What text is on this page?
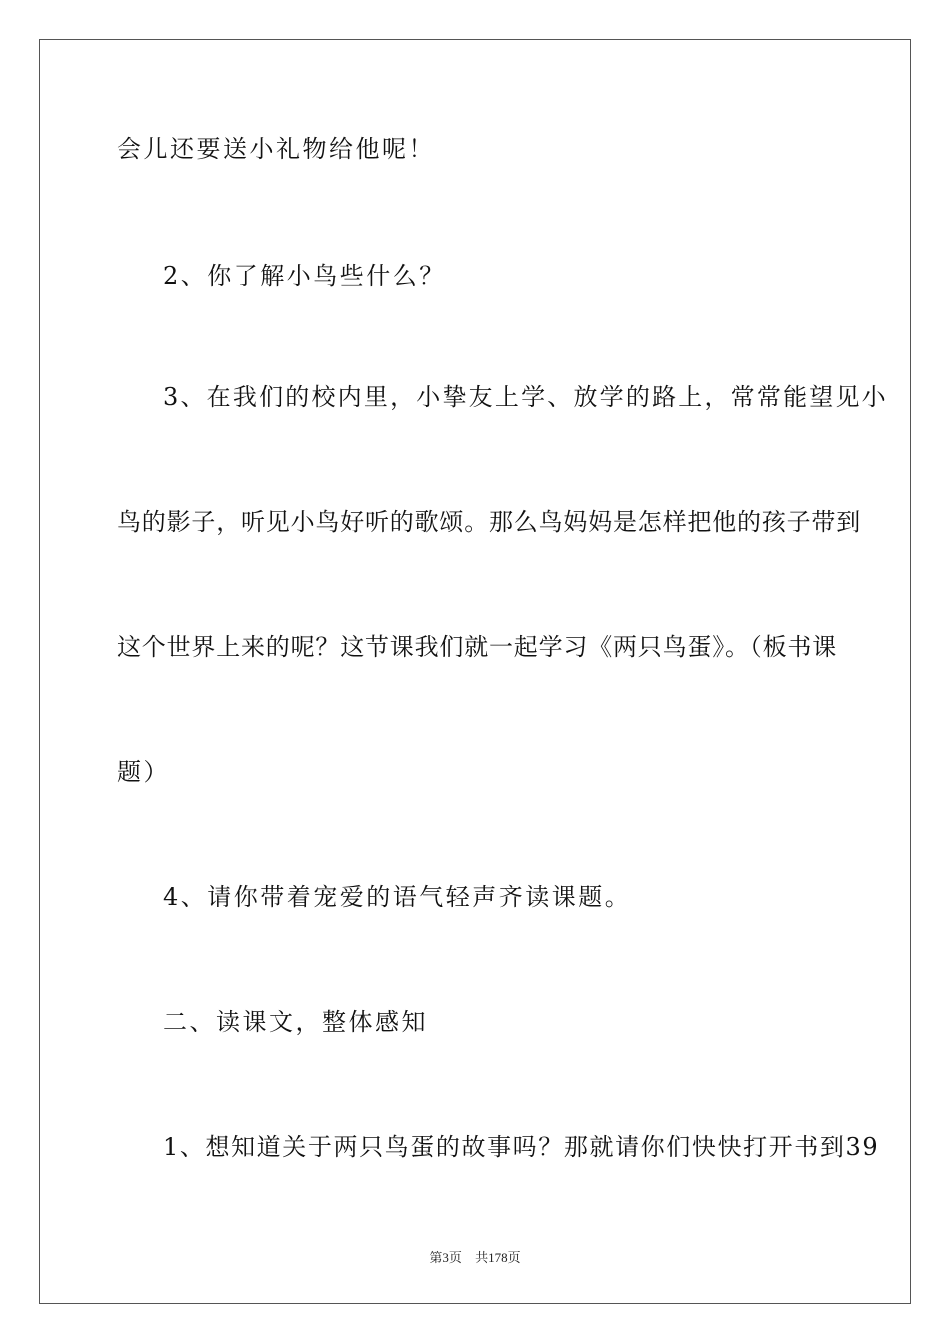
会儿还要送小礼物给他呢！
2、你了解小鸟些什么？
3、在我们的校内里，小挚友上学、放学的路上，常常能望见小
鸟的影子，听见小鸟好听的歌颂。那么鸟妈妈是怎样把他的孩子带到
这个世界上来的呢？这节课我们就一起学习《两只鸟蛋》。（板书课
题）
4、请你带着宠爱的语气轻声齐读课题。
二、读课文，整体感知
1、想知道关于两只鸟蛋的故事吗？那就请你们快快打开书到39
第3页 共178页
